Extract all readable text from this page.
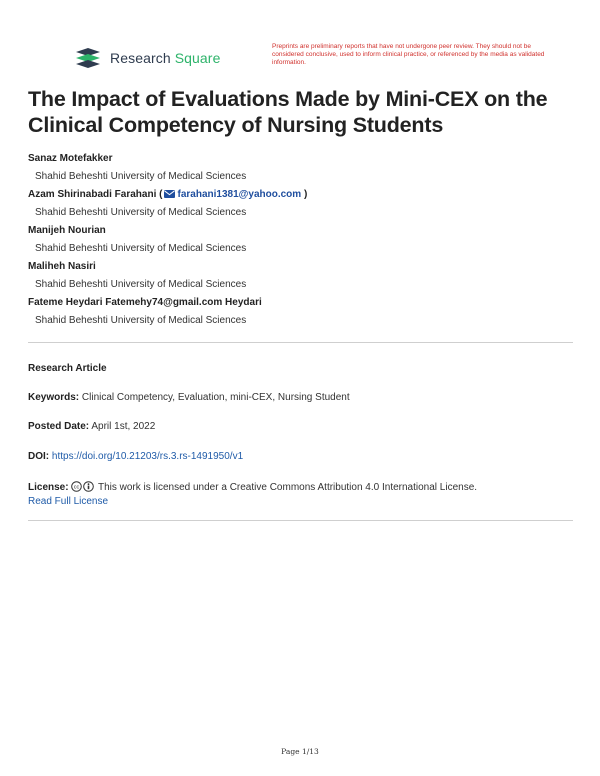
Research Square
Preprints are preliminary reports that have not undergone peer review. They should not be considered conclusive, used to inform clinical practice, or referenced by the media as validated information.
The Impact of Evaluations Made by Mini-CEX on the Clinical Competency of Nursing Students
Sanaz Motefakker
Shahid Beheshti University of Medical Sciences
Azam Shirinabadi Farahani ( farahani1381@yahoo.com )
Shahid Beheshti University of Medical Sciences
Manijeh Nourian
Shahid Beheshti University of Medical Sciences
Maliheh Nasiri
Shahid Beheshti University of Medical Sciences
Fateme Heydari Fatemehy74@gmail.com Heydari
Shahid Beheshti University of Medical Sciences
Research Article
Keywords: Clinical Competency, Evaluation, mini-CEX, Nursing Student
Posted Date: April 1st, 2022
DOI: https://doi.org/10.21203/rs.3.rs-1491950/v1
License: cc This work is licensed under a Creative Commons Attribution 4.0 International License.
Read Full License
Page 1/13
